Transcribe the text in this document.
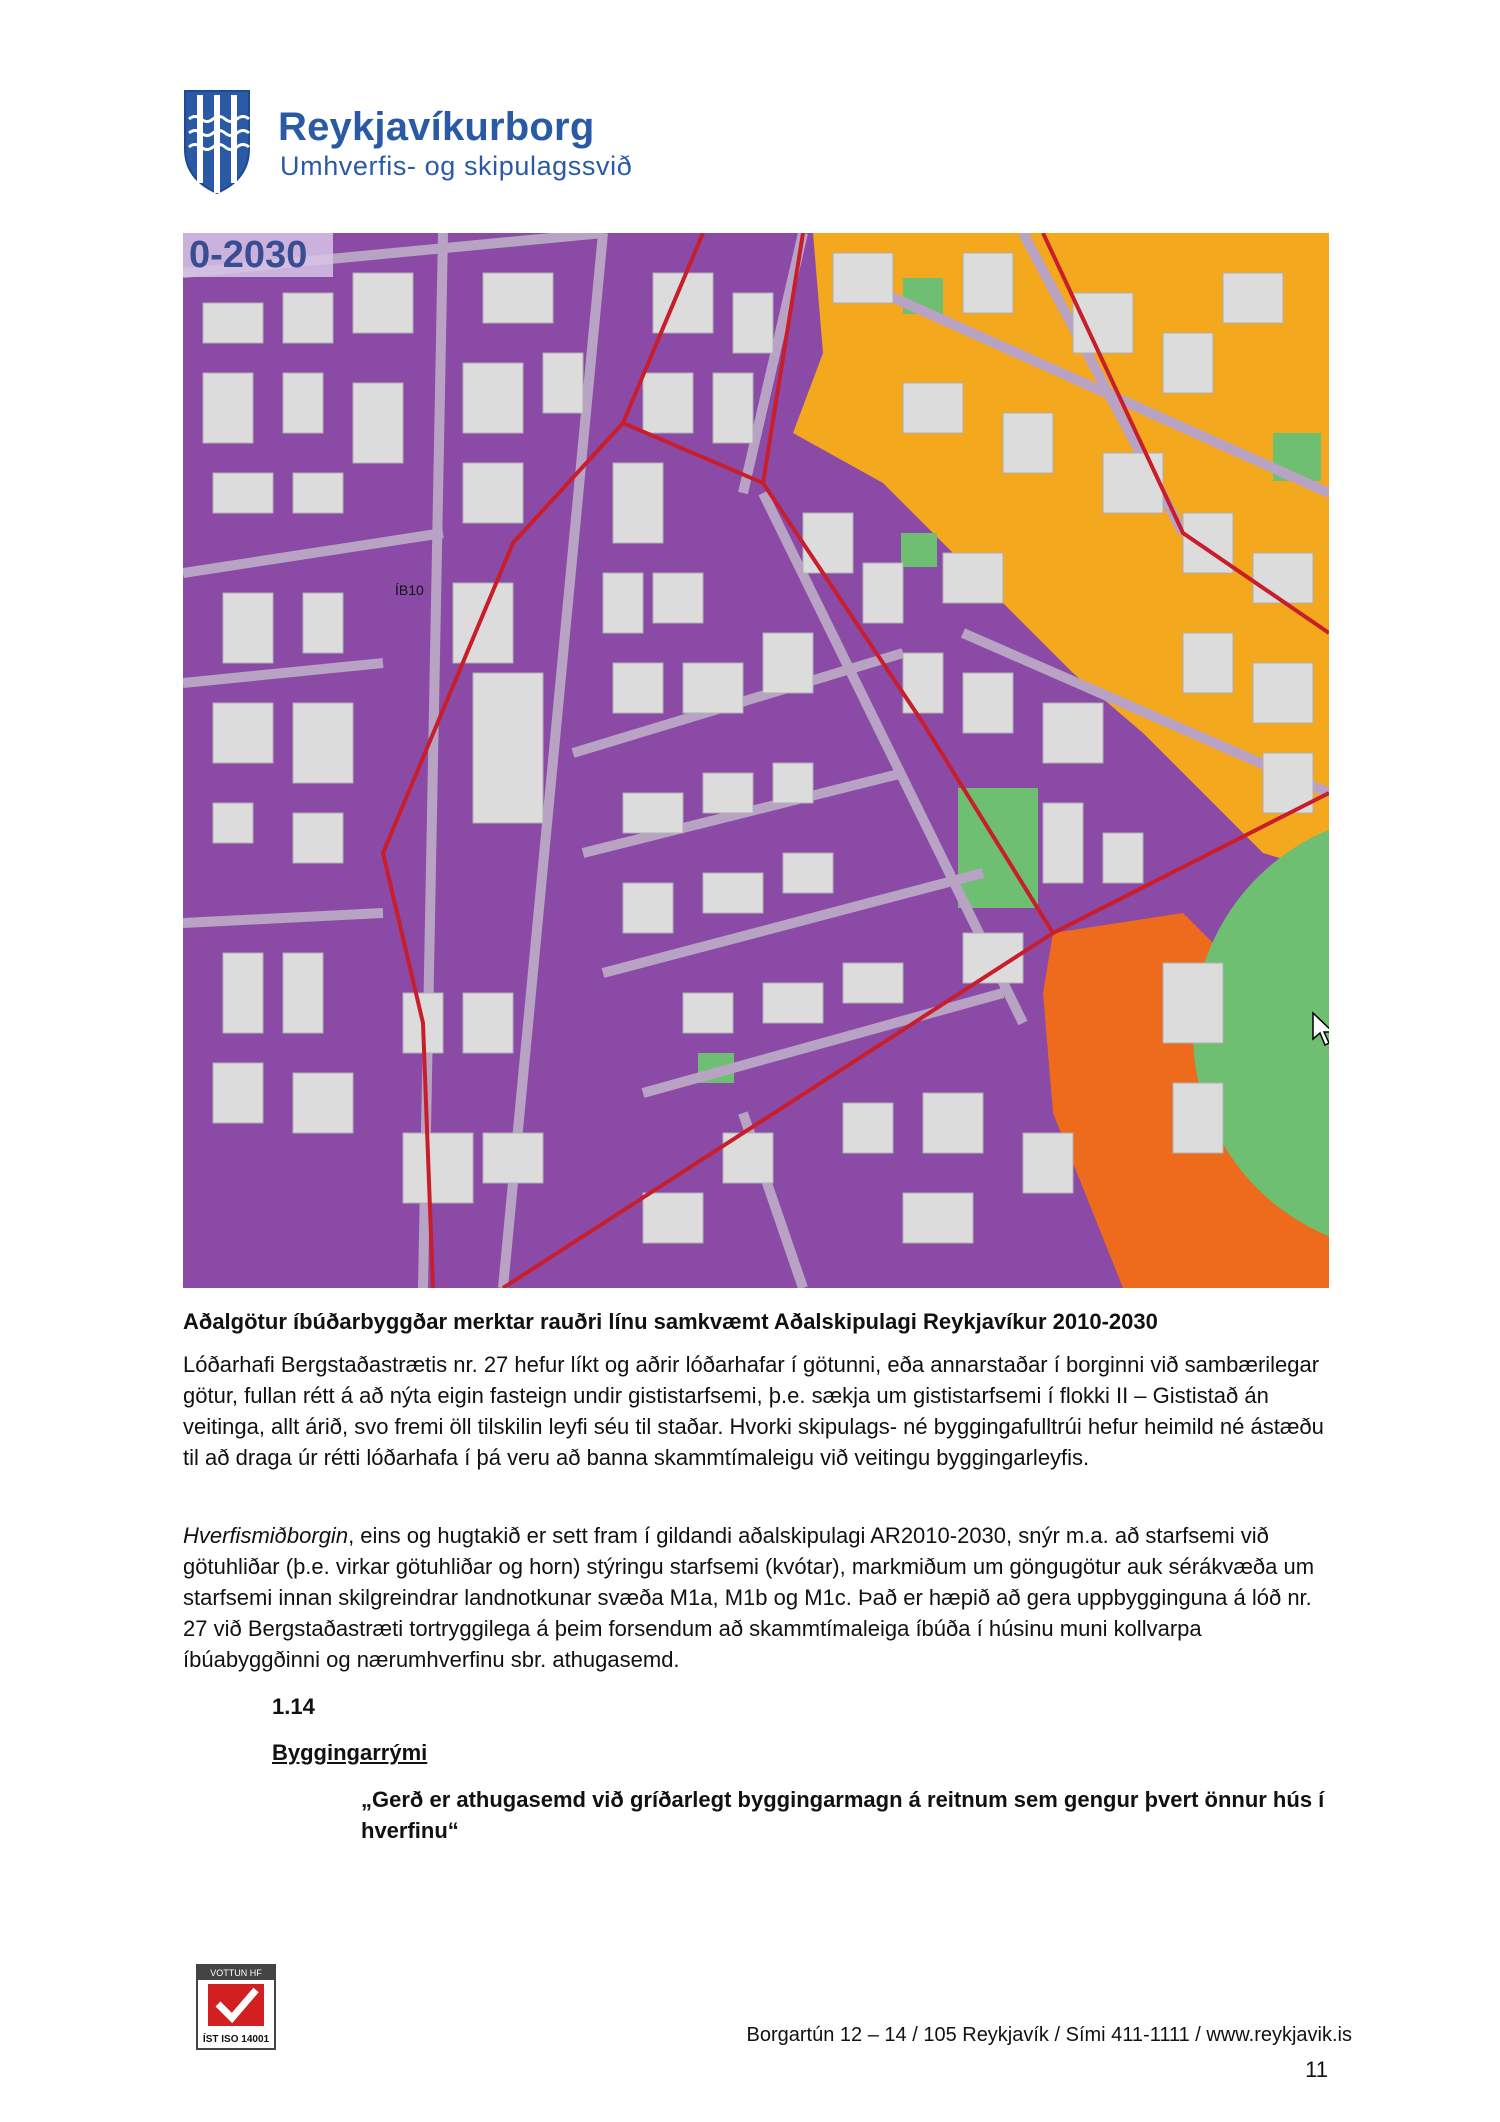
Reykjavíkurborg
Umhverfis- og skipulagssvið
0-2030
ÍB10
Aðalgötur íbúðarbyggðar merktar rauðri línu samkvæmt Aðalskipulagi Reykjavíkur 2010-2030
Lóðarhafi Bergstaðastrætis nr. 27 hefur líkt og aðrir lóðarhafar í götunni, eða annarstaðar í borginni við sambærilegar götur, fullan rétt á að nýta eigin fasteign undir gististarfsemi, þ.e. sækja um gististarfsemi í flokki II – Gististað án veitinga, allt árið, svo fremi öll tilskilin leyfi séu til staðar. Hvorki skipulags- né byggingafulltrúi hefur heimild né ástæðu til að draga úr rétti lóðarhafa í þá veru að banna skammtímaleigu við veitingu byggingarleyfis.
Hverfismiðborgin, eins og hugtakið er sett fram í gildandi aðalskipulagi AR2010-2030, snýr m.a. að starfsemi við götuhliðar (þ.e. virkar götuhliðar og horn) stýringu starfsemi (kvótar), markmiðum um göngugötur auk sérákvæða um starfsemi innan skilgreindrar landnotkunar svæða M1a, M1b og M1c. Það er hæpið að gera uppbygginguna á lóð nr. 27 við Bergstaðastræti tortryggilega á þeim forsendum að skammtímaleiga íbúða í húsinu muni kollvarpa íbúabyggðinni og nærumhverfinu sbr. athugasemd.
1.14
Byggingarrými
„Gerð er athugasemd við gríðarlegt byggingarmagn á reitnum sem gengur þvert önnur hús í hverfinu“
VOTTUN HF
ÍST ISO 14001	Borgartún 12 – 14 / 105 Reykjavík / Sími 411-1111 / www.reykjavik.is
11
